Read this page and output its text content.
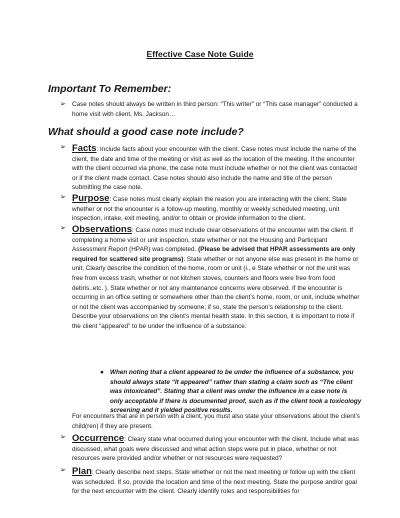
Effective Case Note Guide
Important To Remember:
➢ Case notes should always be written in third person: “This writer” or “This case manager” conducted a home visit with client, Ms. Jackson…
What should a good case note include?
➢ Facts: Include facts about your encounter with the client. Case notes must include the name of the client, the date and time of the meeting or visit as well as the location of the meeting. If the encounter with the client occurred via phone, the case note must include whether or not the client was contacted or if the client made contact. Case notes should also include the name and title of the person submitting the case note.
➢ Purpose: Case notes must clearly explain the reason you are interacting with the client. State whether or not the encounter is a follow-up meeting, monthly or weekly scheduled meeting, unit inspection, intake, exit meeting, and/or to obtain or provide information to the client.
➢ Observations: Case notes must include clear observations of the encounter with the client. If completing a home visit or unit inspection, state whether or not the Housing and Participant Assessment Report (HPAR) was completed. (Please be advised that HPAR assessments are only required for scattered site programs). State whether or not anyone else was present in the home or unit. Clearly describe the condition of the home, room or unit (i., e State whether or not the unit was free from excess trash, whether or not kitchen stoves, counters and floors were free from food debris..etc. ). State whether or not any maintenance concerns were observed. If the encounter is occurring in an office setting or somewhere other than the client’s home, room, or unit, include whether or not the client was accompanied by someone; if so, state the person’s relationship to the client. Describe your observations on the client’s mental health state. In this section, it is important to note if the client “appeared” to be under the influence of a substance.
● When noting that a client appeared to be under the influence of a substance, you should always state “It appeared” rather than stating a claim such as “The client was intoxicated”. Stating that a client was under the influence in a case note is only acceptable if there is documented proof, such as if the client took a toxicology screening and it yielded positive results.
For encounters that are in person with a client, you must also state your observations about the client’s child(ren) if they are present.
➢ Occurrence: Cleary state what occurred during your encounter with the client. Include what was discussed, what goals were discussed and what action steps were put in place, whether or not resources were provided and/or whether or not resources were requested?
➢ Plan: Clearly describe next steps. State whether or not the next meeting or follow up with the client was scheduled. If so, provide the location and time of the next meeting. State the purpose and/or goal for the next encounter with the client. Clearly identify roles and responsibilities for
